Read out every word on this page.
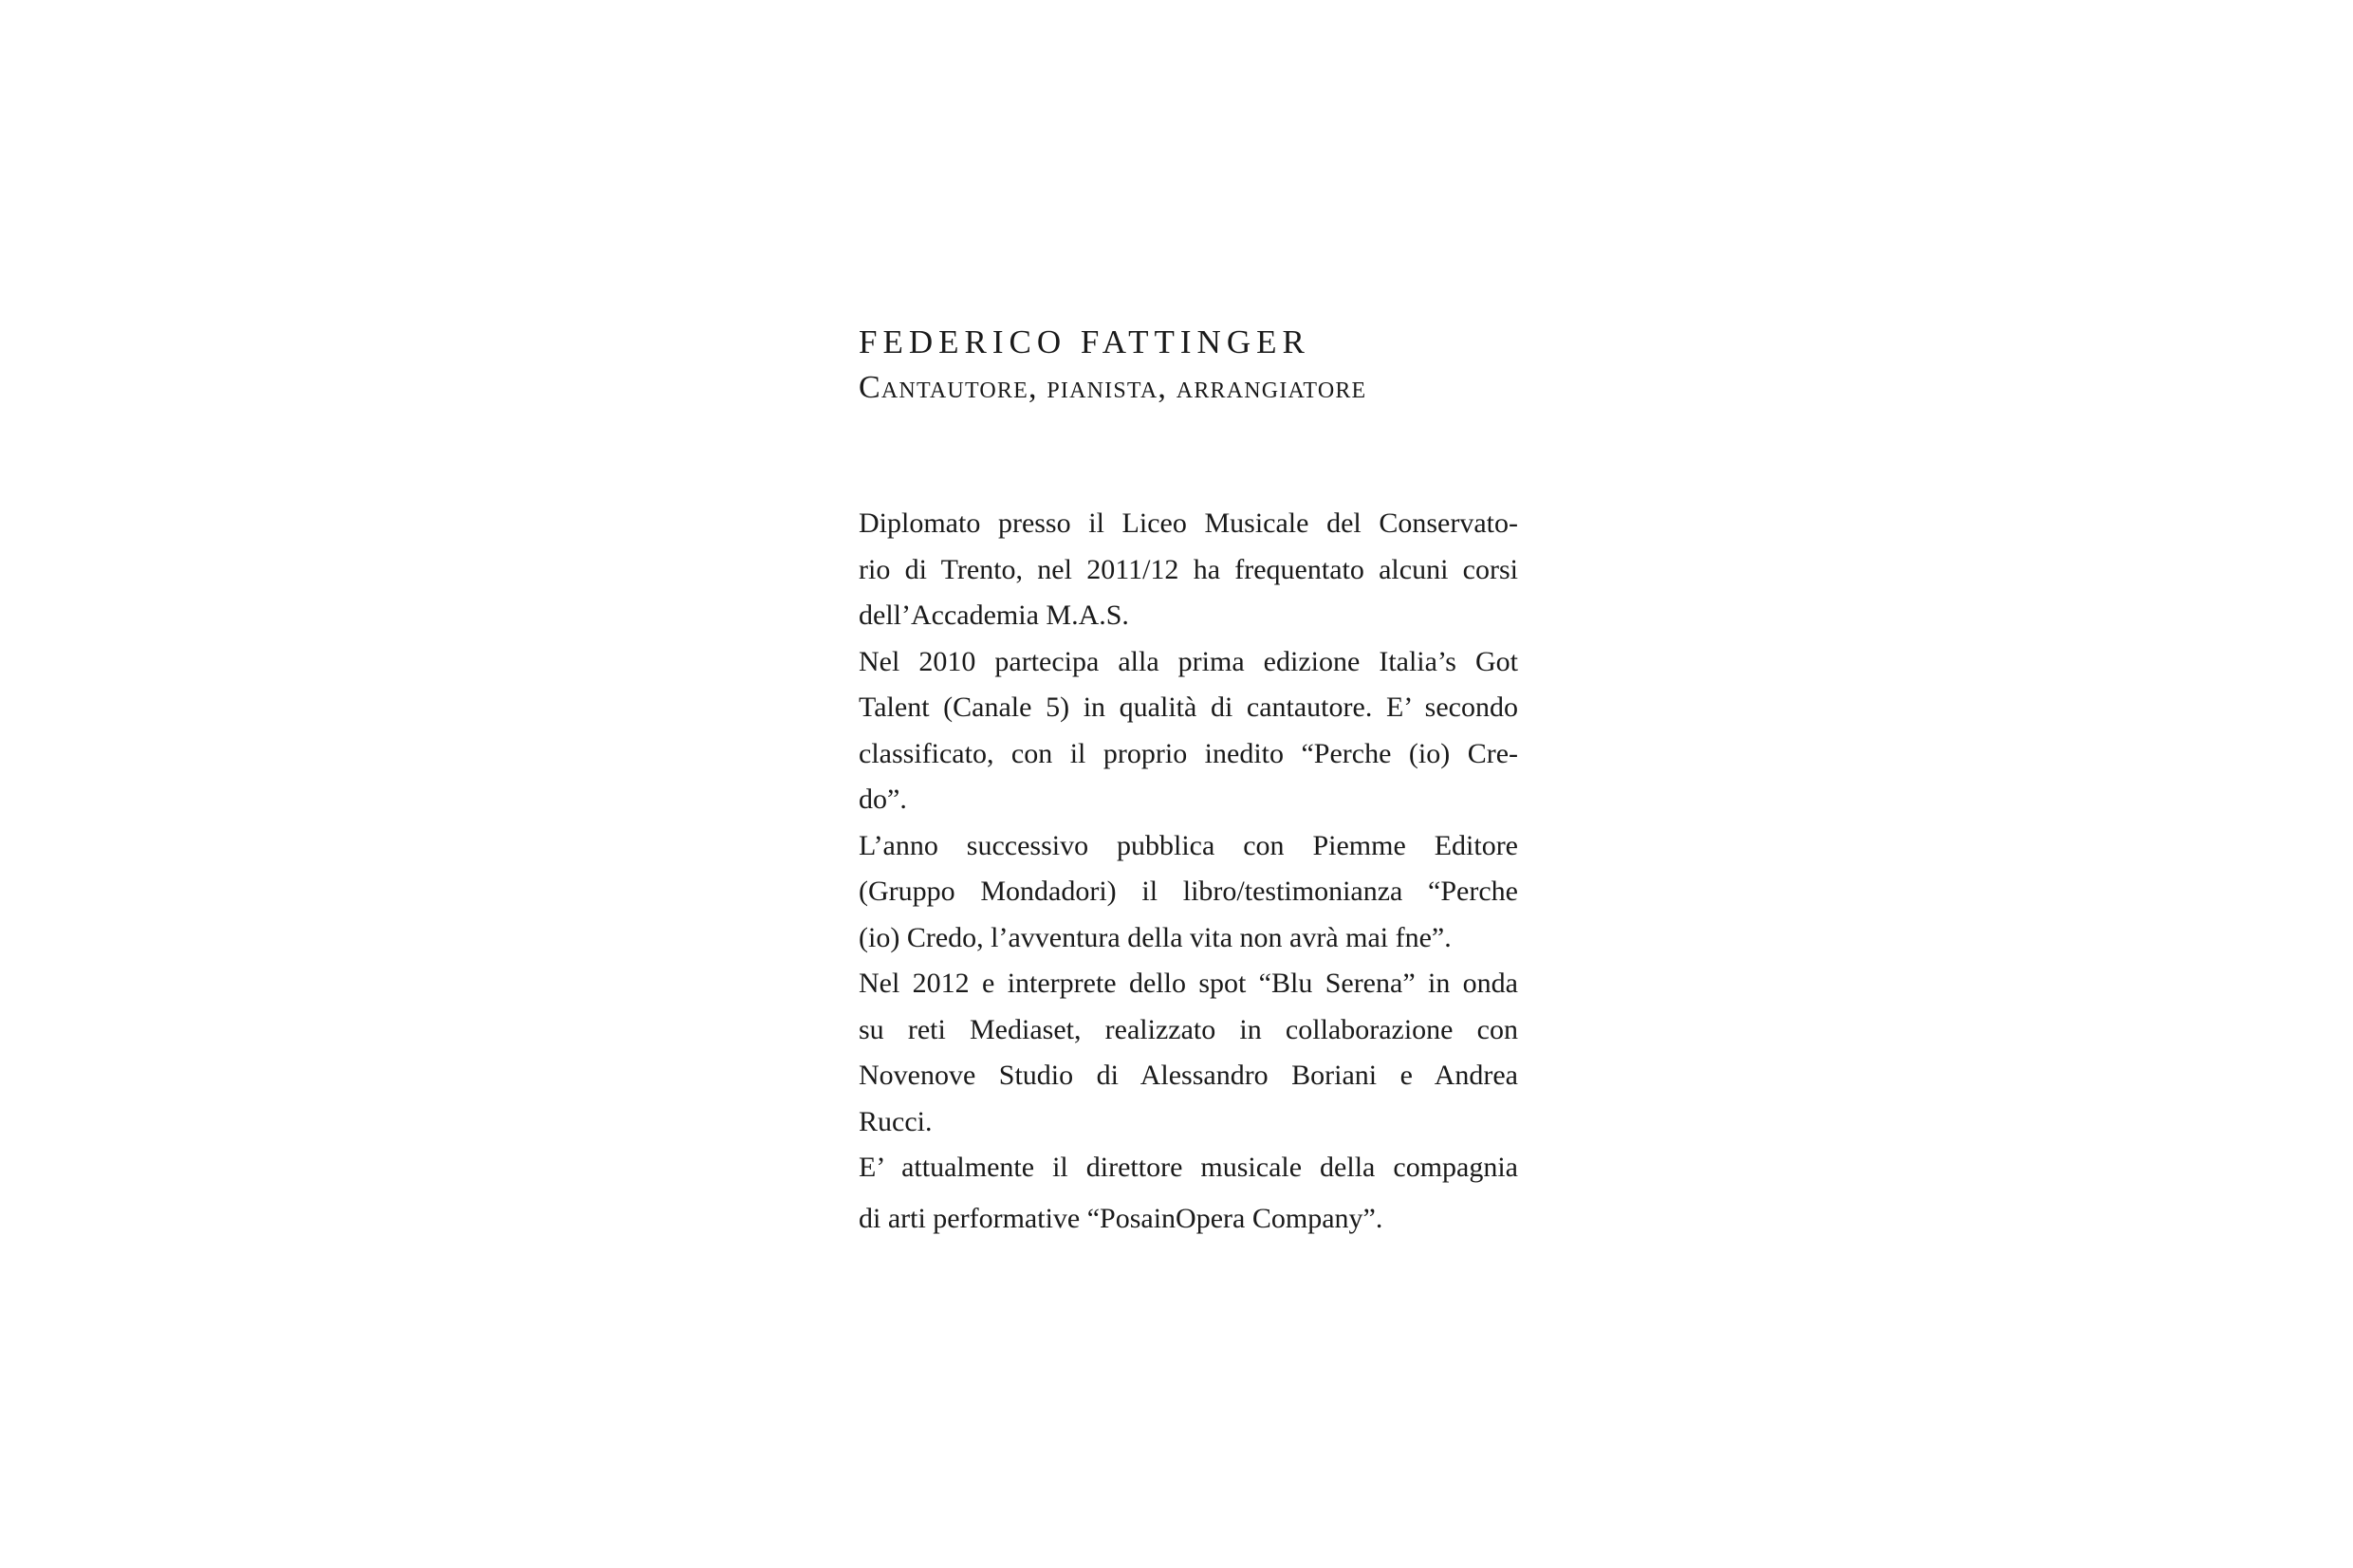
FEDERICO FATTINGER
Cantautore, pianista, arrangiatore
Diplomato presso il Liceo Musicale del Conservato-
rio di Trento, nel 2011/12 ha frequentato alcuni corsi
dell’Accademia M.A.S.
Nel 2010 partecipa alla prima edizione Italia’s Got
Talent (Canale 5) in qualità di cantautore. E’ secondo
classificato, con il proprio inedito “Perche (io) Cre-
do”.
L’anno successivo pubblica con Piemme Editore
(Gruppo Mondadori) il libro/testimonianza “Perche
(io) Credo, l’avventura della vita non avrà mai fne”.
Nel 2012 e interprete dello spot “Blu Serena” in onda
su reti Mediaset, realizzato in collaborazione con
Novenove Studio di Alessandro Boriani e Andrea
Rucci.
E’ attualmente il direttore musicale della compagnia
di arti performative “PosainOpera Company”.
